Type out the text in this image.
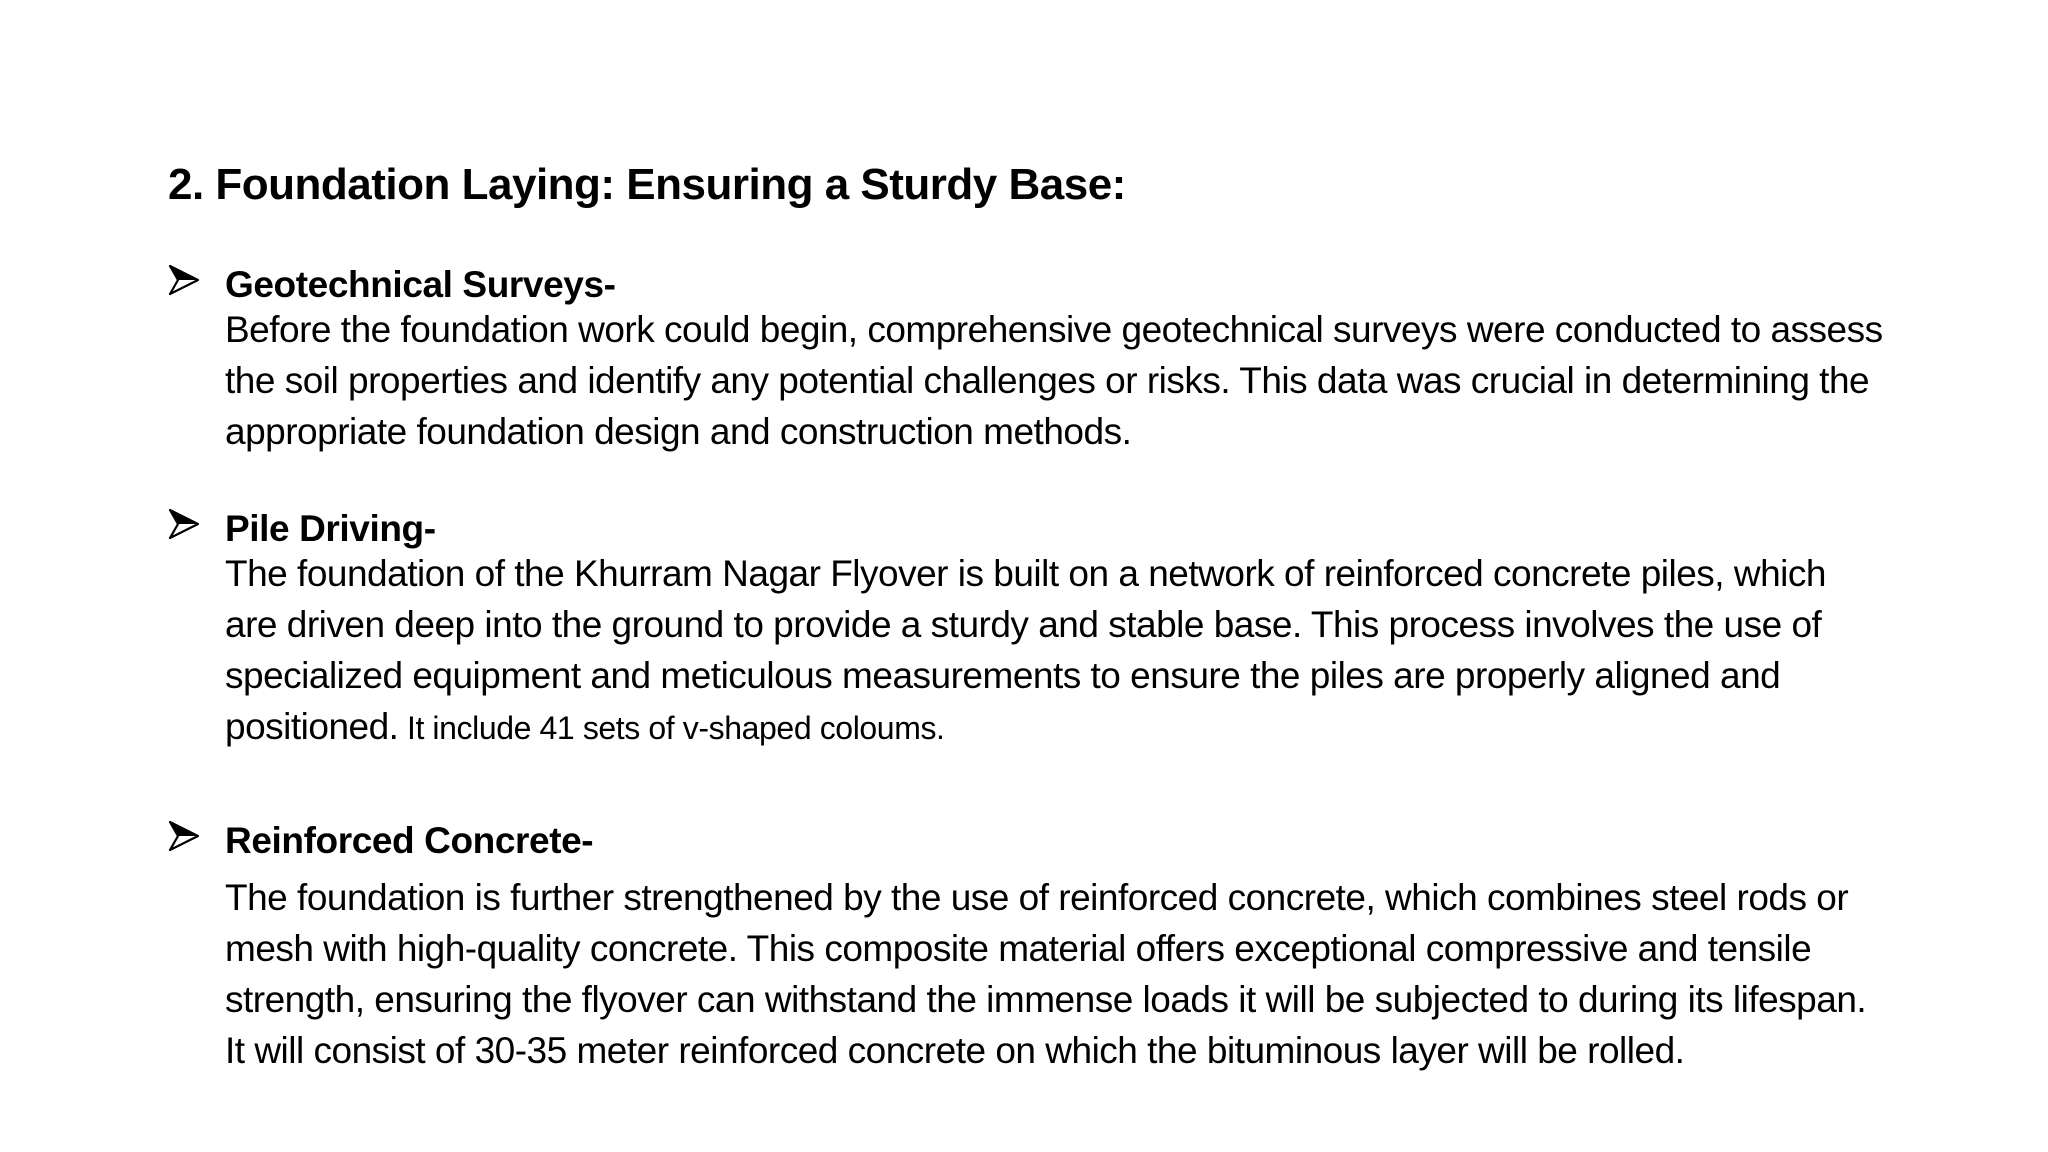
2. Foundation Laying: Ensuring a Sturdy Base:
Geotechnical Surveys-
Before the foundation work could begin, comprehensive geotechnical surveys were conducted to assess
the soil properties and identify any potential challenges or risks. This data was crucial in determining the
appropriate foundation design and construction methods.
Pile Driving-
The foundation of the Khurram Nagar Flyover is built on a network of reinforced concrete piles, which
are driven deep into the ground to provide a sturdy and stable base. This process involves the use of
specialized equipment and meticulous measurements to ensure the piles are properly aligned and
positioned. It include 41 sets of v-shaped coloums.
Reinforced Concrete-
The foundation is further strengthened by the use of reinforced concrete, which combines steel rods or
mesh with high-quality concrete. This composite material offers exceptional compressive and tensile
strength, ensuring the flyover can withstand the immense loads it will be subjected to during its lifespan.
It will consist of 30-35 meter reinforced concrete on which the bituminous layer will be rolled.
